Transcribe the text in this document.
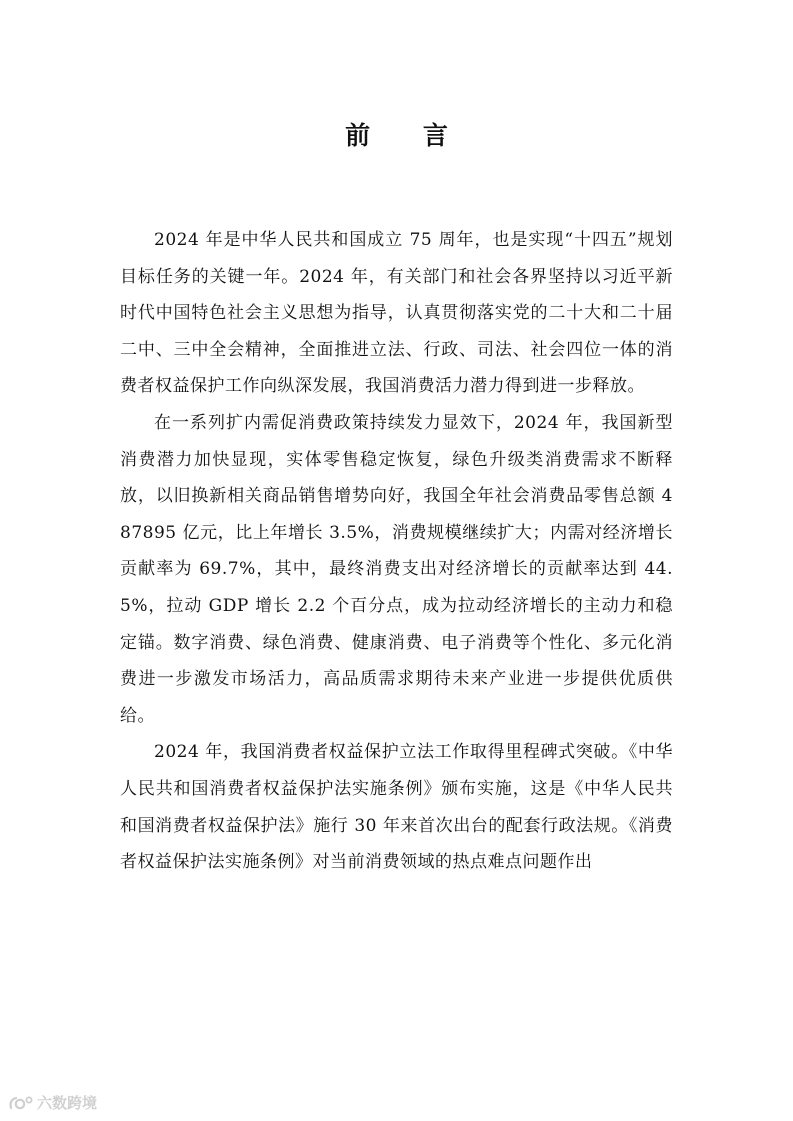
前 言

2024 年是中华人民共和国成立 75 周年，也是实现“十四五”规划目标任务的关键一年。2024 年，有关部门和社会各界坚持以习近平新时代中国特色社会主义思想为指导，认真贯彻落实党的二十大和二十届二中、三中全会精神，全面推进立法、行政、司法、社会四位一体的消费者权益保护工作向纵深发展，我国消费活力潜力得到进一步释放。

在一系列扩内需促消费政策持续发力显效下，2024 年，我国新型消费潜力加快显现，实体零售稳定恢复，绿色升级类消费需求不断释放，以旧换新相关商品销售增势向好，我国全年社会消费品零售总额 487895 亿元，比上年增长 3.5%，消费规模继续扩大；内需对经济增长贡献率为 69.7%，其中，最终消费支出对经济增长的贡献率达到 44.5%，拉动 GDP 增长 2.2 个百分点，成为拉动经济增长的主动力和稳定锚。数字消费、绿色消费、健康消费、电子消费等个性化、多元化消费进一步激发市场活力，高品质需求期待未来产业进一步提供优质供给。

2024 年，我国消费者权益保护立法工作取得里程碑式突破。《中华人民共和国消费者权益保护法实施条例》颁布实施，这是《中华人民共和国消费者权益保护法》施行 30 年来首次出台的配套行政法规。《消费者权益保护法实施条例》对当前消费领域的热点难点问题作出

六数跨境
